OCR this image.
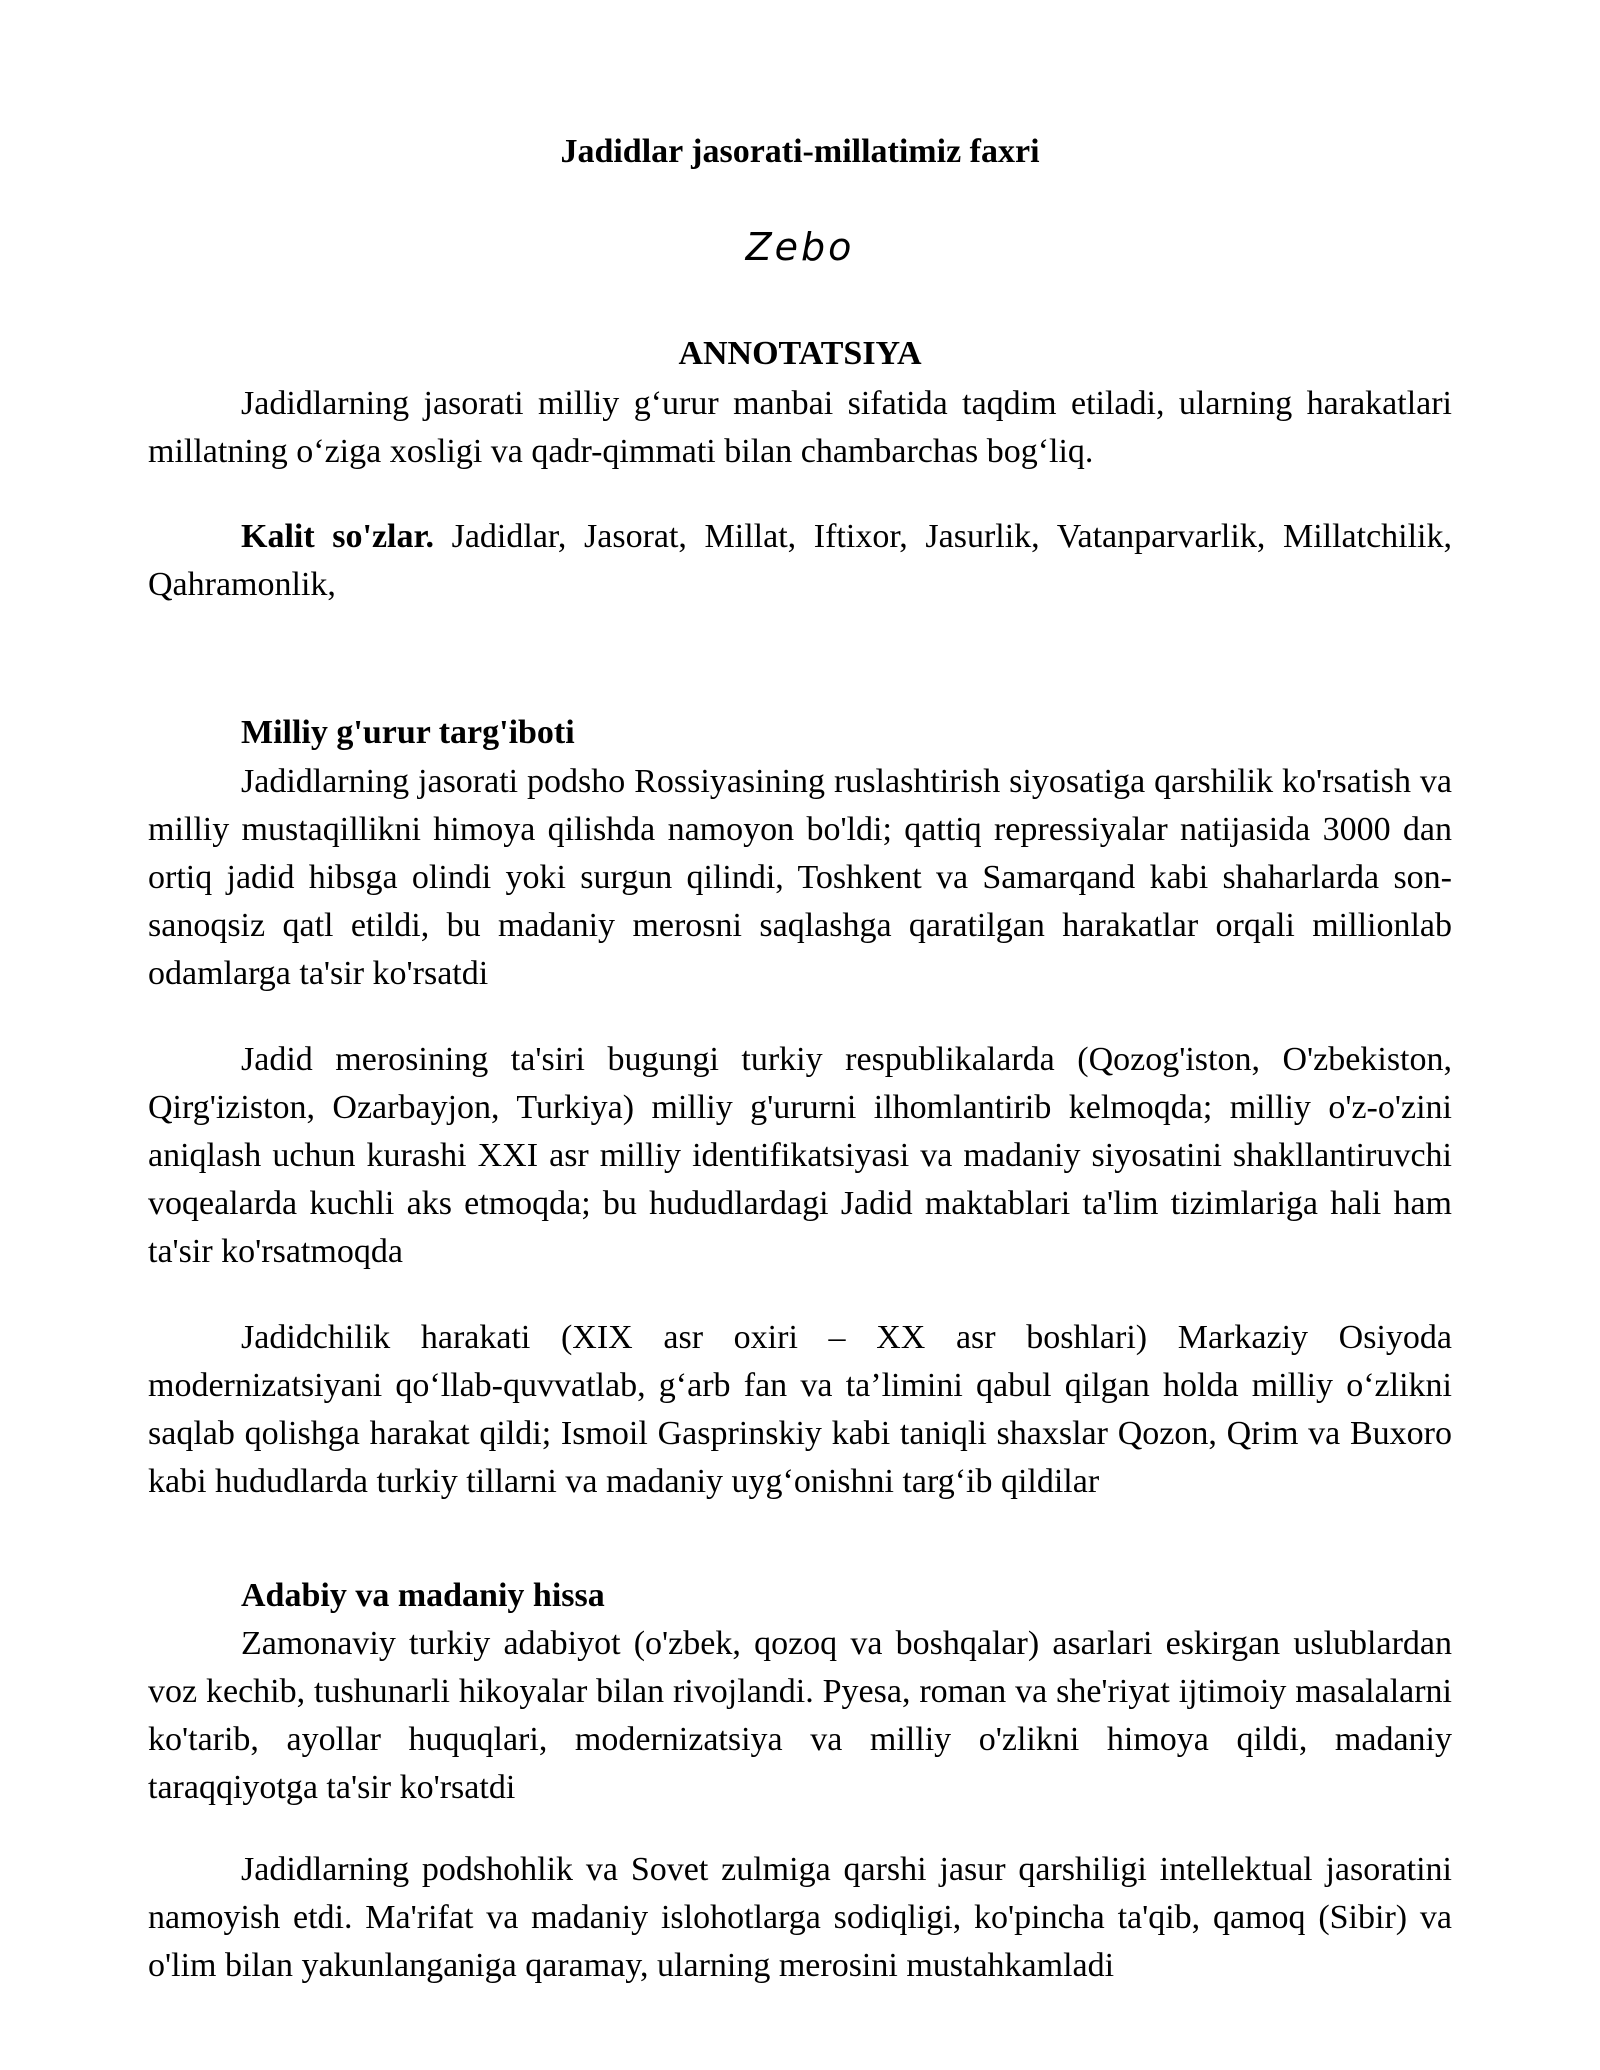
Jadidlar jasorati-millatimiz faxri
Zebo
ANNOTATSIYA

Jadidlarning jasorati milliy g‘urur manbai sifatida taqdim etiladi, ularning harakatlari millatning o‘ziga xosligi va qadr-qimmati bilan chambarchas bog‘liq.

Kalit so'zlar. Jadidlar, Jasorat, Millat, Iftixor, Jasurlik, Vatanparvarlik, Millatchilik, Qahramonlik,

Milliy g'urur targ'iboti

Jadidlarning jasorati podsho Rossiyasining ruslashtirish siyosatiga qarshilik ko'rsatish va milliy mustaqillikni himoya qilishda namoyon bo'ldi; qattiq repressiyalar natijasida 3000 dan ortiq jadid hibsga olindi yoki surgun qilindi, Toshkent va Samarqand kabi shaharlarda son-sanoqsiz qatl etildi, bu madaniy merosni saqlashga qaratilgan harakatlar orqali millionlab odamlarga ta'sir ko'rsatdi

Jadid merosining ta'siri bugungi turkiy respublikalarda (Qozog'iston, O'zbekiston, Qirg'iziston, Ozarbayjon, Turkiya) milliy g'ururni ilhomlantirib kelmoqda; milliy o'z-o'zini aniqlash uchun kurashi XXI asr milliy identifikatsiyasi va madaniy siyosatini shakllantiruvchi voqealarda kuchli aks etmoqda; bu hududlardagi Jadid maktablari ta'lim tizimlariga hali ham ta'sir ko'rsatmoqda

Jadidchilik harakati (XIX asr oxiri – XX asr boshlari) Markaziy Osiyoda modernizatsiyani qo‘llab-quvvatlab, g‘arb fan va ta’limini qabul qilgan holda milliy o‘zlikni saqlab qolishga harakat qildi; Ismoil Gasprinskiy kabi taniqli shaxslar Qozon, Qrim va Buxoro kabi hududlarda turkiy tillarni va madaniy uyg‘onishni targ‘ib qildilar

Adabiy va madaniy hissa

Zamonaviy turkiy adabiyot (o'zbek, qozoq va boshqalar) asarlari eskirgan uslublardan voz kechib, tushunarli hikoyalar bilan rivojlandi. Pyesa, roman va she'riyat ijtimoiy masalalarni ko'tarib, ayollar huquqlari, modernizatsiya va milliy o'zlikni himoya qildi, madaniy taraqqiyotga ta'sir ko'rsatdi

Jadidlarning podshohlik va Sovet zulmiga qarshi jasur qarshiligi intellektual jasoratini namoyish etdi. Ma'rifat va madaniy islohotlarga sodiqligi, ko'pincha ta'qib, qamoq (Sibir) va o'lim bilan yakunlanganiga qaramay, ularning merosini mustahkamladi
